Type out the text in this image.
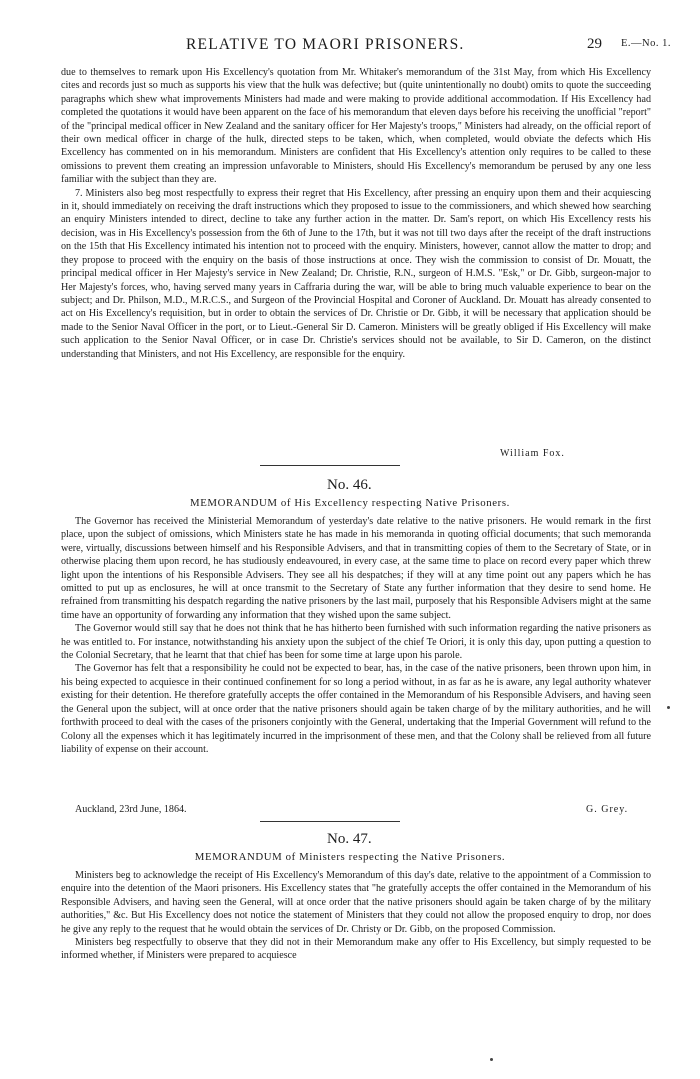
RELATIVE TO MAORI PRISONERS.	29 E.—No. 1.

due to themselves to remark upon His Excellency's quotation from Mr. Whitaker's memorandum of the 31st May, from which His Excellency cites and records just so much as supports his view that the hulk was defective; but (quite unintentionally no doubt) omits to quote the succeeding paragraphs which shew what improvements Ministers had made and were making to provide additional accommodation. If His Excellency had completed the quotations it would have been apparent on the face of his memorandum that eleven days before his receiving the unofficial "report" of the "principal medical officer in New Zealand and the sanitary officer for Her Majesty's troops," Ministers had already, on the official report of their own medical officer in charge of the hulk, directed steps to be taken, which, when completed, would obviate the defects which His Excellency has commented on in his memorandum. Ministers are confident that His Excellency's attention only requires to be called to these omissions to prevent them creating an impression unfavorable to Ministers, should His Excellency's memorandum be perused by any one less familiar with the subject than they are.

7. Ministers also beg most respectfully to express their regret that His Excellency, after pressing an enquiry upon them and their acquiescing in it, should immediately on receiving the draft instructions which they proposed to issue to the commissioners, and which shewed how searching an enquiry Ministers intended to direct, decline to take any further action in the matter. Dr. Sam's report, on which His Excellency rests his decision, was in His Excellency's possession from the 6th of June to the 17th, but it was not till two days after the receipt of the draft instructions on the 15th that His Excellency intimated his intention not to proceed with the enquiry. Ministers, however, cannot allow the matter to drop; and they propose to proceed with the enquiry on the basis of those instructions at once. They wish the commission to consist of Dr. Mouatt, the principal medical officer in Her Majesty's service in New Zealand; Dr. Christie, R.N., surgeon of H.M.S. "Esk," or Dr. Gibb, surgeon-major to Her Majesty's forces, who, having served many years in Caffraria during the war, will be able to bring much valuable experience to bear on the subject; and Dr. Philson, M.D., M.R.C.S., and Surgeon of the Provincial Hospital and Coroner of Auckland. Dr. Mouatt has already consented to act on His Excellency's requisition, but in order to obtain the services of Dr. Christie or Dr. Gibb, it will be necessary that application should be made to the Senior Naval Officer in the port, or to Lieut.-General Sir D. Cameron. Ministers will be greatly obliged if His Excellency will make such application to the Senior Naval Officer, or in case Dr. Christie's services should not be available, to Sir D. Cameron, on the distinct understanding that Ministers, and not His Excellency, are responsible for the enquiry.

William Fox.
No. 46.
MEMORANDUM of His Excellency respecting Native Prisoners.

The Governor has received the Ministerial Memorandum of yesterday's date relative to the native prisoners. He would remark in the first place, upon the subject of omissions, which Ministers state he has made in his memoranda in quoting official documents; that such memoranda were, virtually, discussions between himself and his Responsible Advisers, and that in transmitting copies of them to the Secretary of State, or in otherwise placing them upon record, he has studiously endeavoured, in every case, at the same time to place on record every paper which threw light upon the intentions of his Responsible Advisers. They see all his despatches; if they will at any time point out any papers which he has omitted to put up as enclosures, he will at once transmit to the Secretary of State any further information that they desire to send home. He refrained from transmitting his despatch regarding the native prisoners by the last mail, purposely that his Responsible Advisers might at the same time have an opportunity of forwarding any information that they wished upon the same subject.

The Governor would still say that he does not think that he has hitherto been furnished with such information regarding the native prisoners as he was entitled to. For instance, notwithstanding his anxiety upon the subject of the chief Te Oriori, it is only this day, upon putting a question to the Colonial Secretary, that he learnt that that chief has been for some time at large upon his parole.

The Governor has felt that a responsibility he could not be expected to bear, has, in the case of the native prisoners, been thrown upon him, in his being expected to acquiesce in their continued confinement for so long a period without, in as far as he is aware, any legal authority whatever existing for their detention. He therefore gratefully accepts the offer contained in the Memorandum of his Responsible Advisers, and having seen the General upon the subject, will at once order that the native prisoners should again be taken charge of by the military authorities, and he will forthwith proceed to deal with the cases of the prisoners conjointly with the General, undertaking that the Imperial Government will refund to the Colony all the expenses which it has legitimately incurred in the imprisonment of these men, and that the Colony shall be relieved from all future liability of expense on their account.

Auckland, 23rd June, 1864.	G. Grey.
No. 47.
MEMORANDUM of Ministers respecting the Native Prisoners.

Ministers beg to acknowledge the receipt of His Excellency's Memorandum of this day's date, relative to the appointment of a Commission to enquire into the detention of the Maori prisoners. His Excellency states that "he gratefully accepts the offer contained in the Memorandum of his Responsible Advisers, and having seen the General, will at once order that the native prisoners should again be taken charge of by the military authorities," &c. But His Excellency does not notice the statement of Ministers that they could not allow the proposed enquiry to drop, nor does he give any reply to the request that he would obtain the services of Dr. Christy or Dr. Gibb, on the proposed Commission.

Ministers beg respectfully to observe that they did not in their Memorandum make any offer to His Excellency, but simply requested to be informed whether, if Ministers were prepared to acquiesce
